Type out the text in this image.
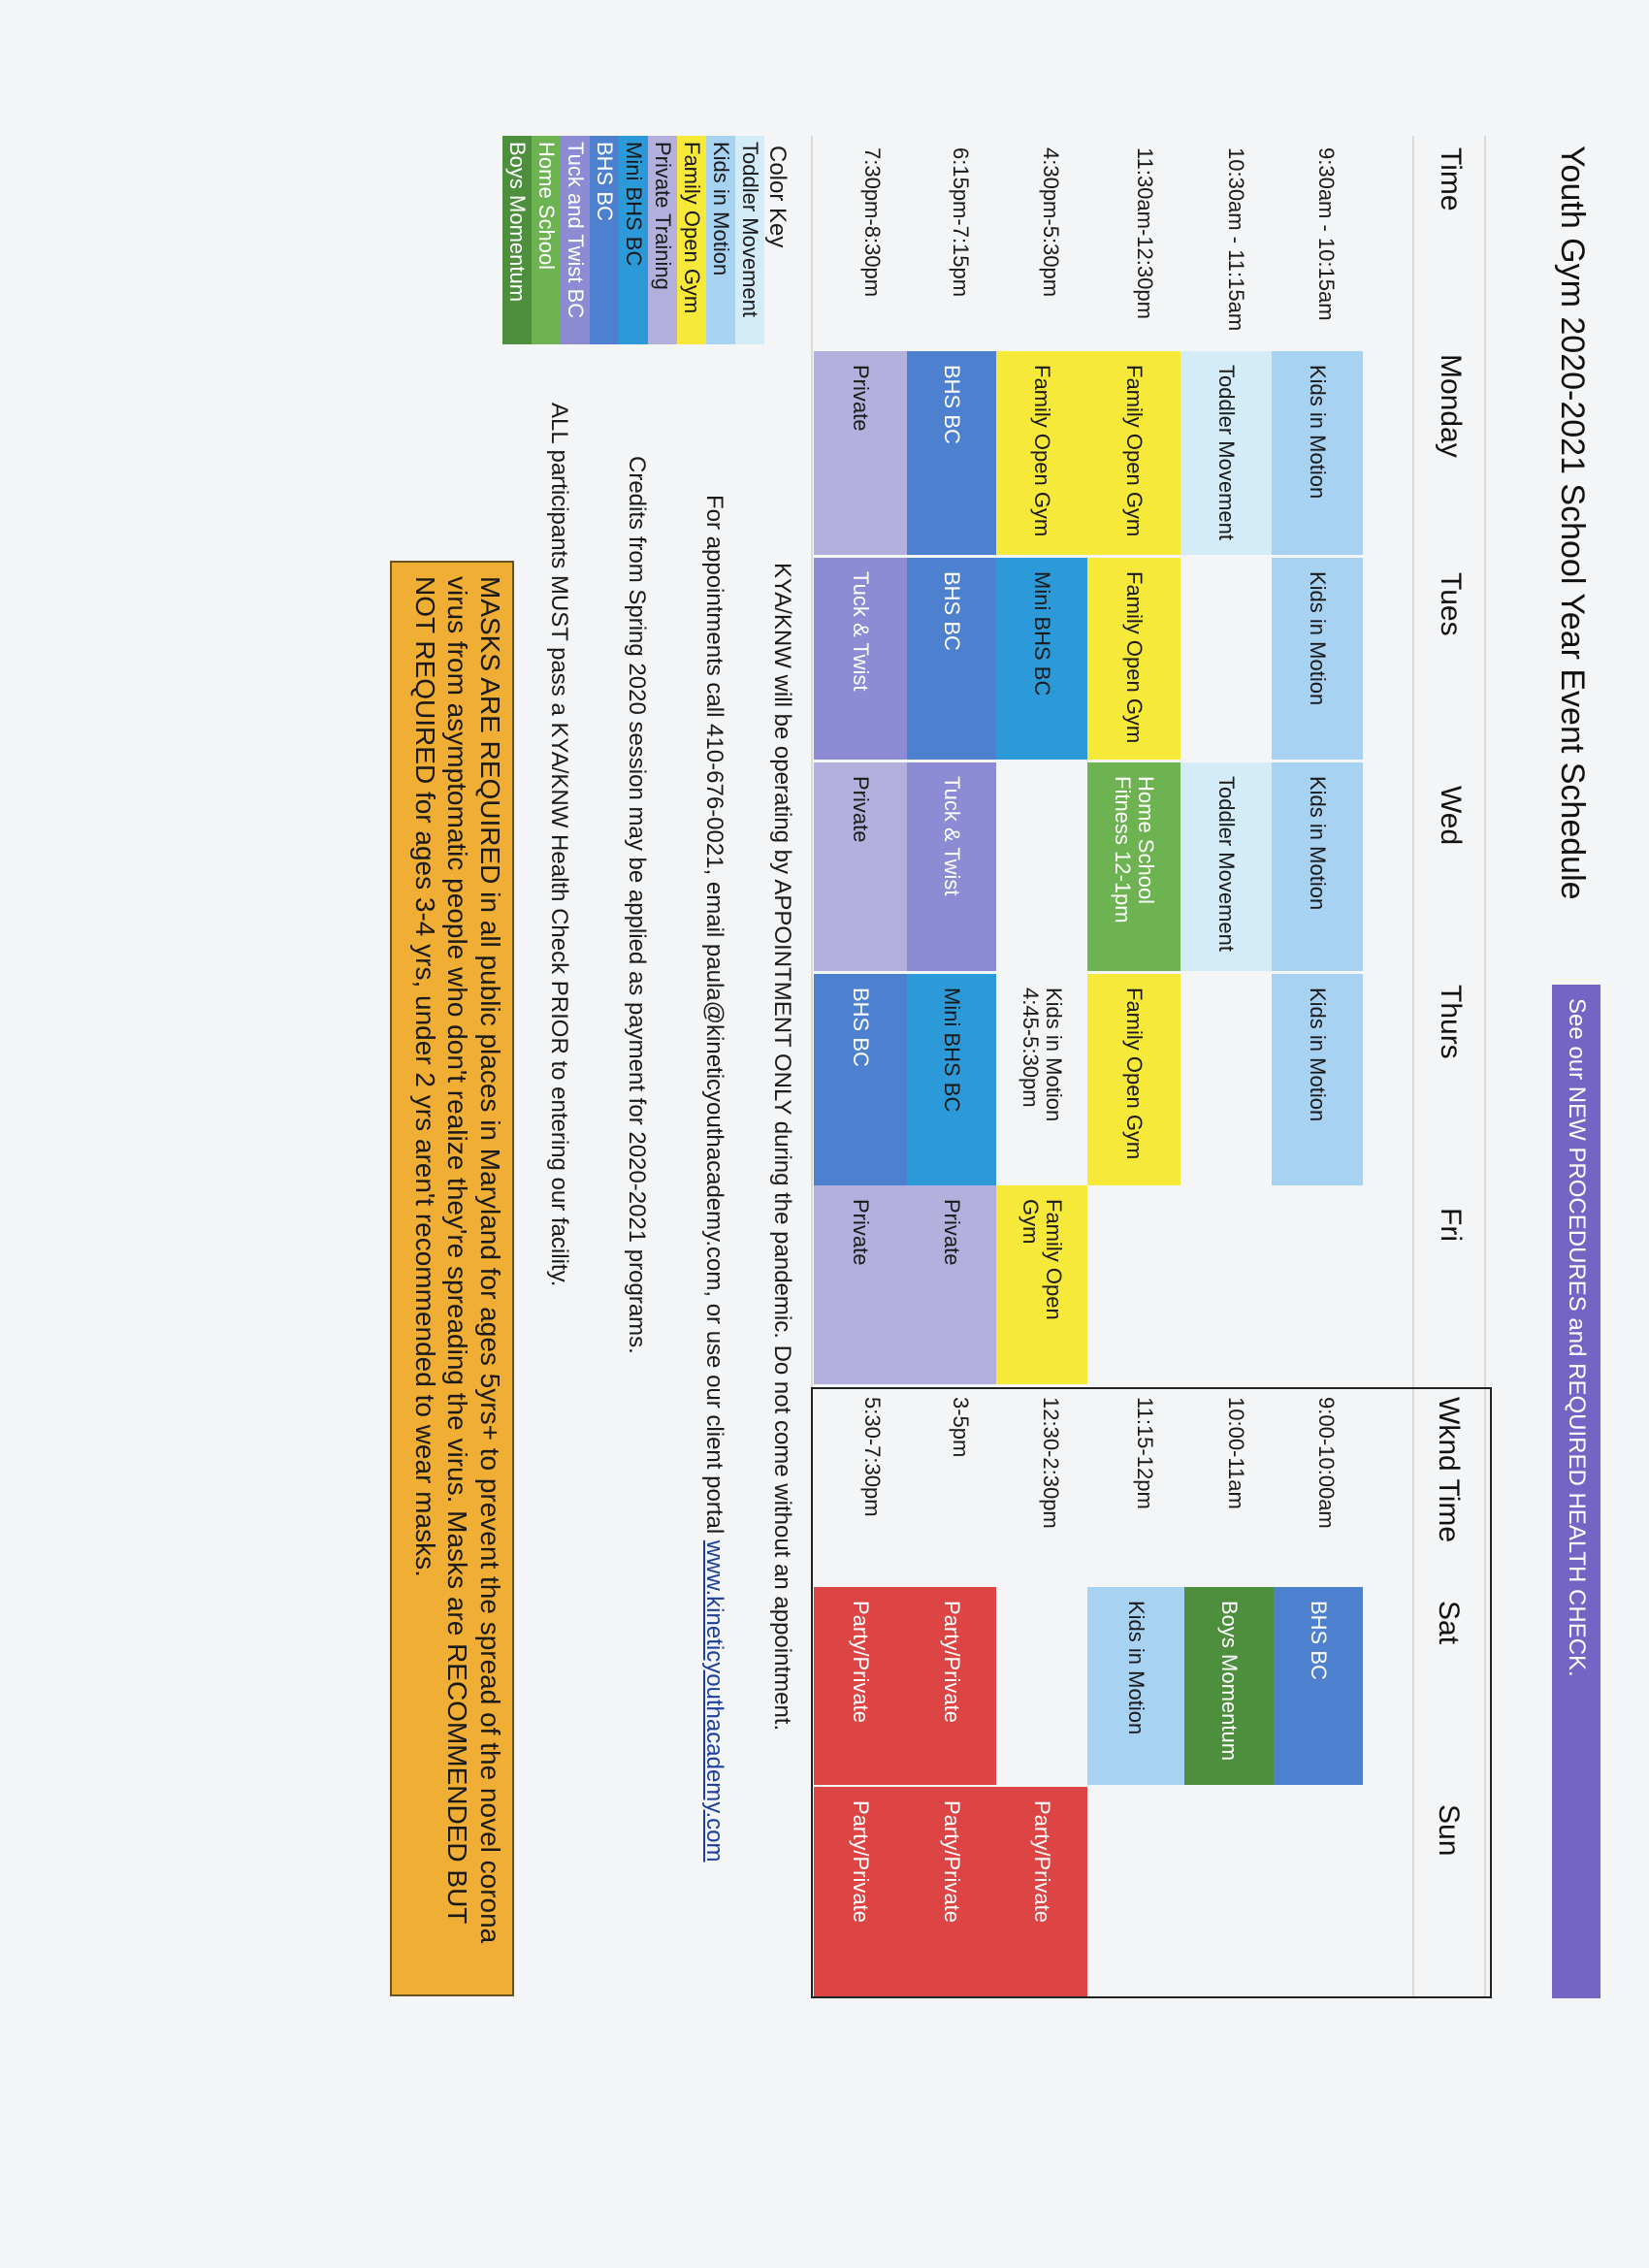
Youth Gym 2020-2021 School Year Event Schedule
See our NEW PROCEDURES and REQUIRED HEALTH CHECK.
Time
Monday
Tues
Wed
Thurs
Fri
9:30am - 10:15am
10:30am - 11:15am
11:30am-12:30pm
4:30pm-5:30pm
6:15pm-7:15pm
7:30pm-8:30pm
Kids in Motion
Toddler Movement
Family Open Gym
Family Open Gym
BHS BC
Private
Kids in Motion
Family Open Gym
Mini BHS BC
BHS BC
Tuck & Twist
Kids in Motion
Toddler Movement
Home School Fitness 12-1pm
Tuck & Twist
Private
Kids in Motion
Family Open Gym
Kids in Motion 4:45-5:30pm
Mini BHS BC
BHS BC
Family Open Gym
Private
Private
Wknd Time
Sat
Sun
9:00-10:00am
10:00-11am
11:15-12pm
12:30-2:30pm
3-5pm
5:30-7:30pm
BHS BC
Boys Momentum
Kids in Motion
Party/Private
Party/Private
Party/Private
Party/Private
Party/Private
Color Key
Toddler Movement
Kids in Motion
Family Open Gym
Private Training
Mini BHS BC
BHS BC
Tuck and Twist BC
Home School
Boys Momentum
KYA/KNW will be operating by APPOINTMENT ONLY during the pandemic. Do not come without an appointment.
For appointments call 410-676-0021, email paula@kineticyouthacademy.com, or use our client portal www.kineticyouthacademy.com
Credits from Spring 2020 session may be applied as payment for 2020-2021 programs.
ALL participants MUST pass a KYA/KNW Health Check PRIOR to entering our facility.
MASKS ARE REQUIRED in all public places in Maryland for ages 5yrs+ to prevent the spread of the novel corona virus from asymptomatic people who don't realize they're spreading the virus. Masks are RECOMMENDED BUT NOT REQUIRED for ages 3-4 yrs, under 2 yrs aren't recommended to wear masks.
